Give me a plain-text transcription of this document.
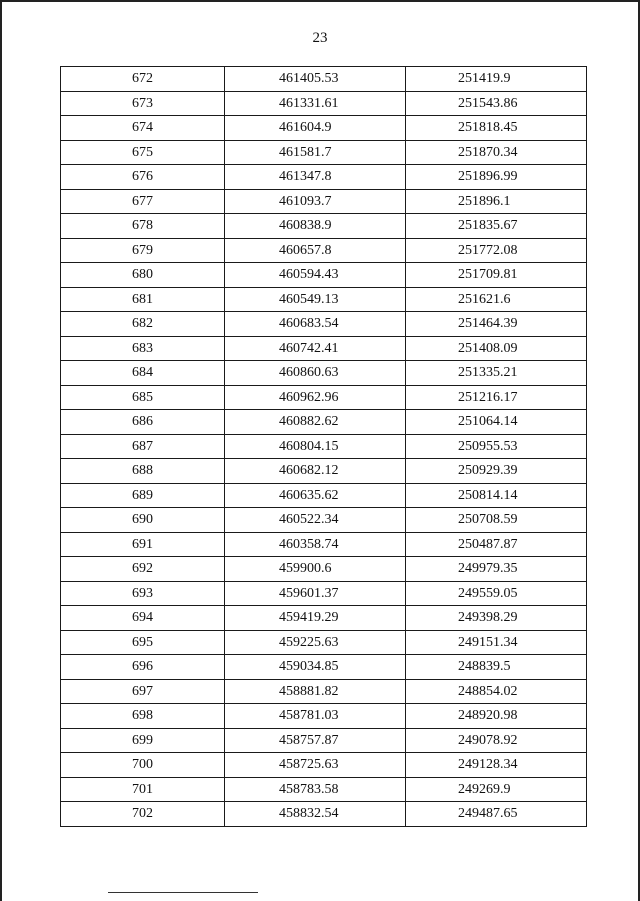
23
672	461405.53	251419.9
673	461331.61	251543.86
674	461604.9	251818.45
675	461581.7	251870.34
676	461347.8	251896.99
677	461093.7	251896.1
678	460838.9	251835.67
679	460657.8	251772.08
680	460594.43	251709.81
681	460549.13	251621.6
682	460683.54	251464.39
683	460742.41	251408.09
684	460860.63	251335.21
685	460962.96	251216.17
686	460882.62	251064.14
687	460804.15	250955.53
688	460682.12	250929.39
689	460635.62	250814.14
690	460522.34	250708.59
691	460358.74	250487.87
692	459900.6	249979.35
693	459601.37	249559.05
694	459419.29	249398.29
695	459225.63	249151.34
696	459034.85	248839.5
697	458881.82	248854.02
698	458781.03	248920.98
699	458757.87	249078.92
700	458725.63	249128.34
701	458783.58	249269.9
702	458832.54	249487.65
